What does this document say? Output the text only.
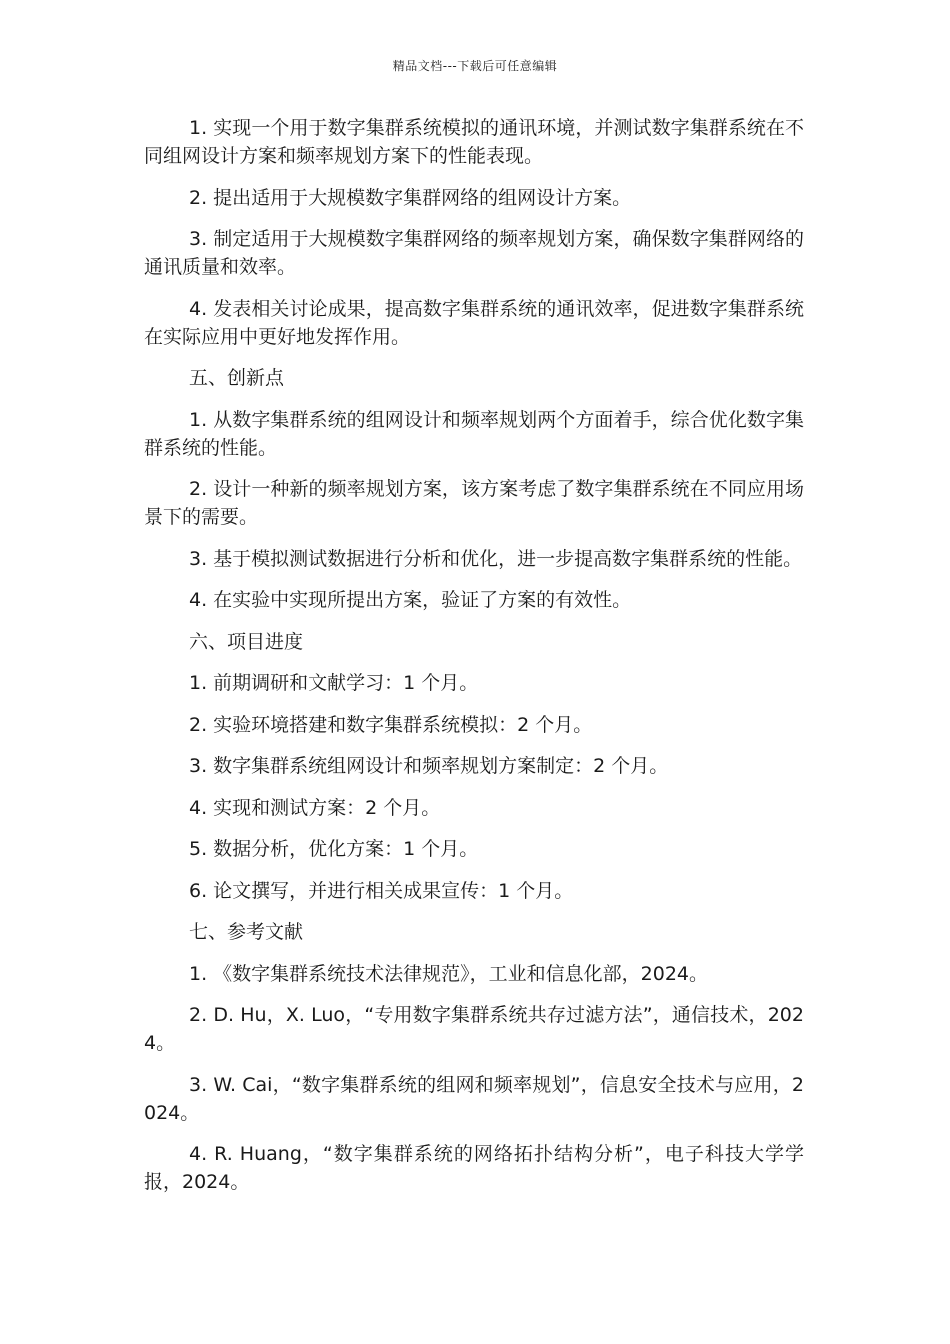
精品文档---下载后可任意编辑

1. 实现一个用于数字集群系统模拟的通讯环境，并测试数字集群系统在不同组网设计方案和频率规划方案下的性能表现。

2. 提出适用于大规模数字集群网络的组网设计方案。

3. 制定适用于大规模数字集群网络的频率规划方案，确保数字集群网络的通讯质量和效率。

4. 发表相关讨论成果，提高数字集群系统的通讯效率，促进数字集群系统在实际应用中更好地发挥作用。

五、创新点

1. 从数字集群系统的组网设计和频率规划两个方面着手，综合优化数字集群系统的性能。

2. 设计一种新的频率规划方案，该方案考虑了数字集群系统在不同应用场景下的需要。

3. 基于模拟测试数据进行分析和优化，进一步提高数字集群系统的性能。

4. 在实验中实现所提出方案，验证了方案的有效性。

六、项目进度

1. 前期调研和文献学习：1 个月。

2. 实验环境搭建和数字集群系统模拟：2 个月。

3. 数字集群系统组网设计和频率规划方案制定：2 个月。

4. 实现和测试方案：2 个月。

5. 数据分析，优化方案：1 个月。

6. 论文撰写，并进行相关成果宣传：1 个月。

七、参考文献

1. 《数字集群系统技术法律规范》，工业和信息化部，2024。

2. D. Hu，X. Luo，“专用数字集群系统共存过滤方法”，通信技术，2024。

3. W. Cai，“数字集群系统的组网和频率规划”，信息安全技术与应用，2024。

4. R. Huang，“数字集群系统的网络拓扑结构分析”，电子科技大学学报，2024。
